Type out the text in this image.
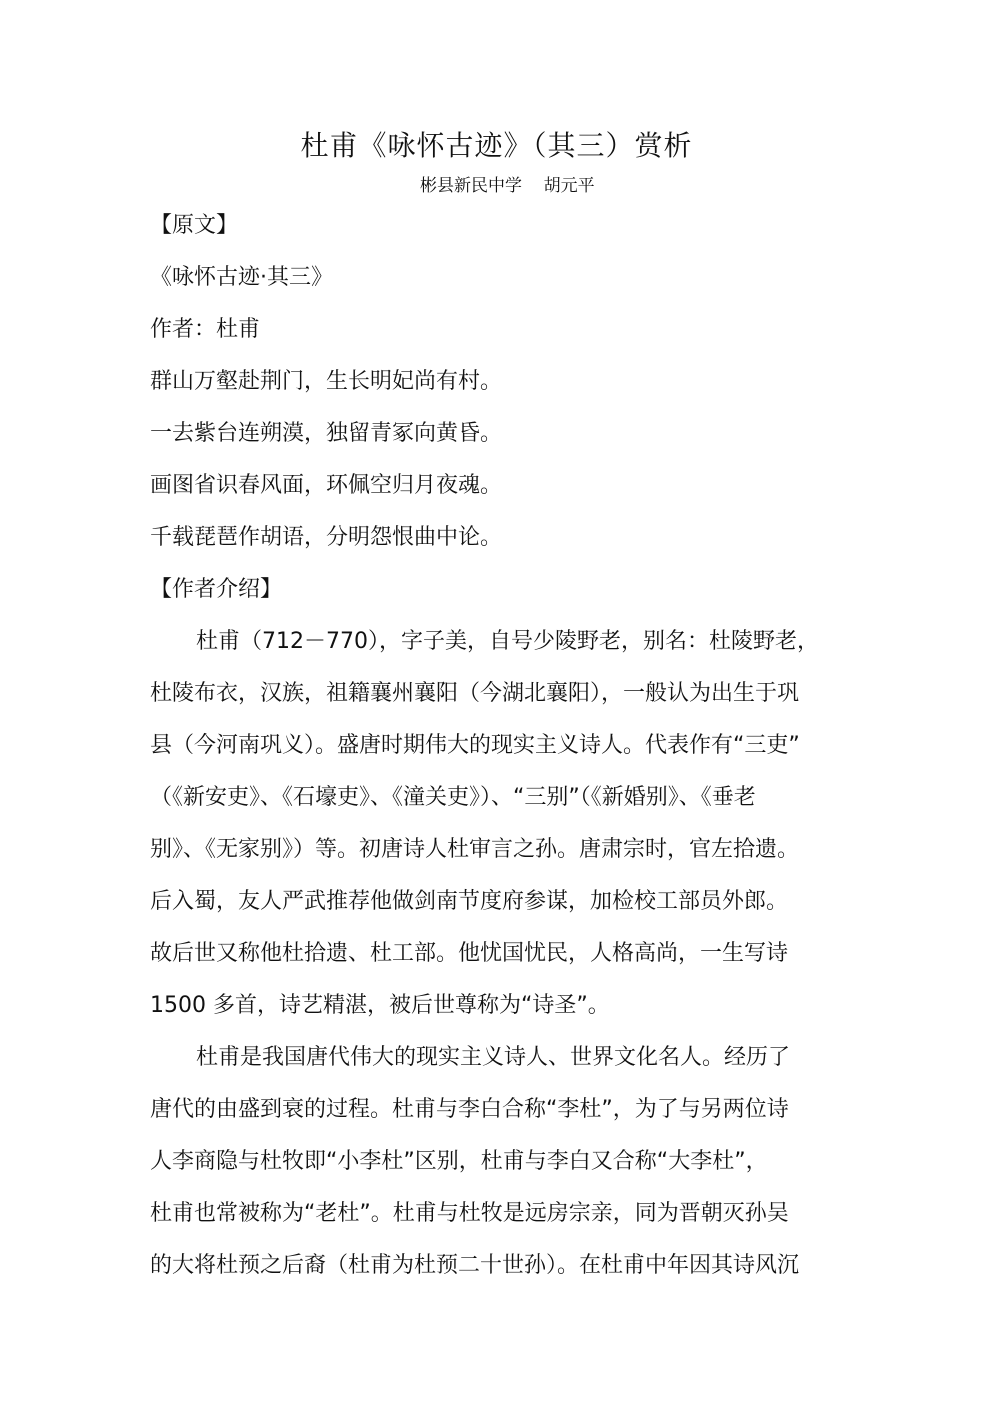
杜甫《咏怀古迹》（其三）赏析
彬县新民中学    胡元平
【原文】
《咏怀古迹·其三》
作者：杜甫
群山万壑赴荆门，生长明妃尚有村。
一去紫台连朔漠，独留青冢向黄昏。
画图省识春风面，环佩空归月夜魂。
千载琵琶作胡语，分明怨恨曲中论。
【作者介绍】
杜甫（712－770），字子美，自号少陵野老，别名：杜陵野老，
杜陵布衣，汉族，祖籍襄州襄阳（今湖北襄阳），一般认为出生于巩
县（今河南巩义）。盛唐时期伟大的现实主义诗人。代表作有“三吏”
（《新安吏》、《石壕吏》、《潼关吏》）、“三别”（《新婚别》、《垂老
别》、《无家别》）等。初唐诗人杜审言之孙。唐肃宗时，官左拾遗。
后入蜀，友人严武推荐他做剑南节度府参谋，加检校工部员外郎。
故后世又称他杜拾遗、杜工部。他忧国忧民，人格高尚，一生写诗
1500 多首，诗艺精湛，被后世尊称为“诗圣”。
杜甫是我国唐代伟大的现实主义诗人、世界文化名人。经历了
唐代的由盛到衰的过程。杜甫与李白合称“李杜”，为了与另两位诗
人李商隐与杜牧即“小李杜”区别，杜甫与李白又合称“大李杜”，
杜甫也常被称为“老杜”。杜甫与杜牧是远房宗亲，同为晋朝灭孙吴
的大将杜预之后裔（杜甫为杜预二十世孙）。在杜甫中年因其诗风沉
